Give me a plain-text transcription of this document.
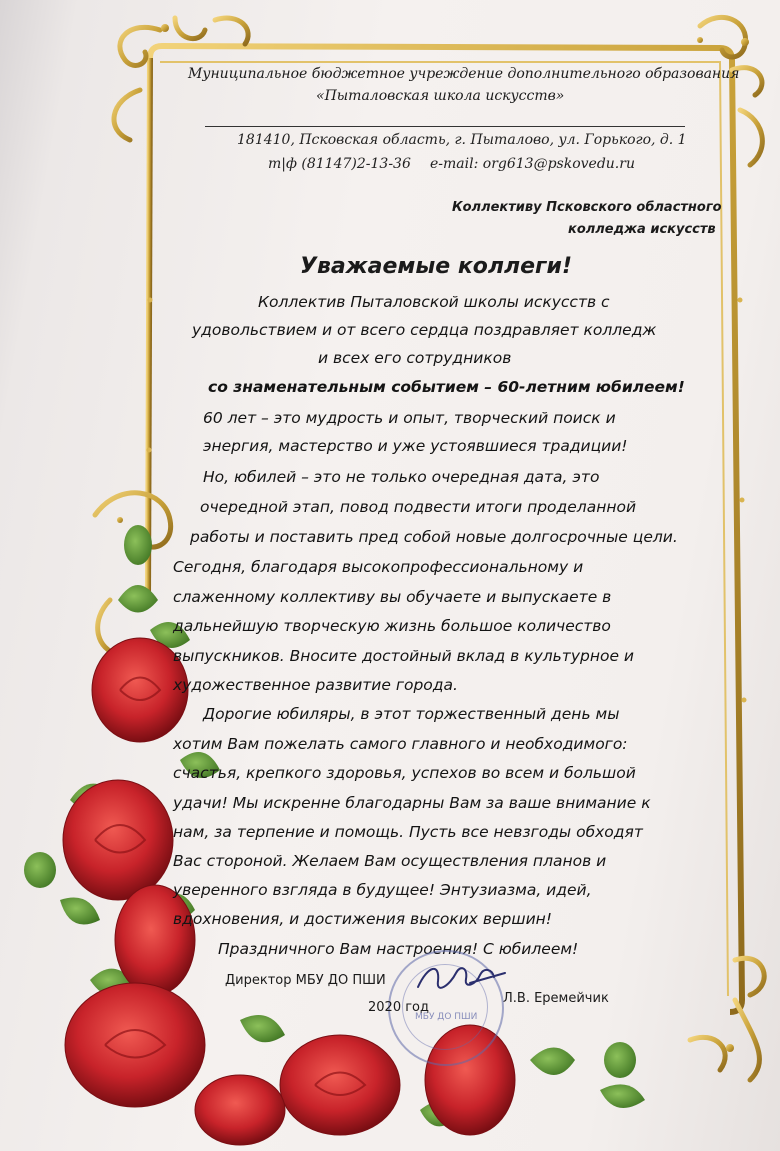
Муниципальное бюджетное учреждение дополнительного образования
«Пыталовская школа искусств»
181410, Псковская область, г. Пыталово, ул. Горького, д. 1
т|ф (81147)2-13-36 e-mail: org613@pskovedu.ru
Коллективу Псковского областного
колледжа искусств
Уважаемые коллеги!
Коллектив Пыталовской школы искусств с
удовольствием и от всего сердца поздравляет колледж
и всех его сотрудников
со знаменательным событием – 60-летним юбилеем!
60 лет – это мудрость и опыт, творческий поиск и
энергия, мастерство и уже устоявшиеся традиции!
Но, юбилей – это не только очередная дата, это
очередной этап, повод подвести итоги проделанной
работы и поставить пред собой новые долгосрочные цели.
Сегодня, благодаря высокопрофессиональному и
слаженному коллективу вы обучаете и выпускаете в
дальнейшую творческую жизнь большое количество
выпускников. Вносите достойный вклад в культурное и
художественное развитие города.
Дорогие юбиляры, в этот торжественный день мы
хотим Вам пожелать самого главного и необходимого:
счастья, крепкого здоровья, успехов во всем и большой
удачи! Мы искренне благодарны Вам за ваше внимание к
нам, за терпение и помощь. Пусть все невзгоды обходят
Вас стороной. Желаем Вам осуществления планов и
уверенного взгляда в будущее! Энтузиазма, идей,
вдохновения, и достижения высоких вершин!
Праздничного Вам настроения! С юбилеем!
МБУ ДО ПШИ
Директор МБУ ДО ПШИ
2020 год
Л.В. Еремейчик
